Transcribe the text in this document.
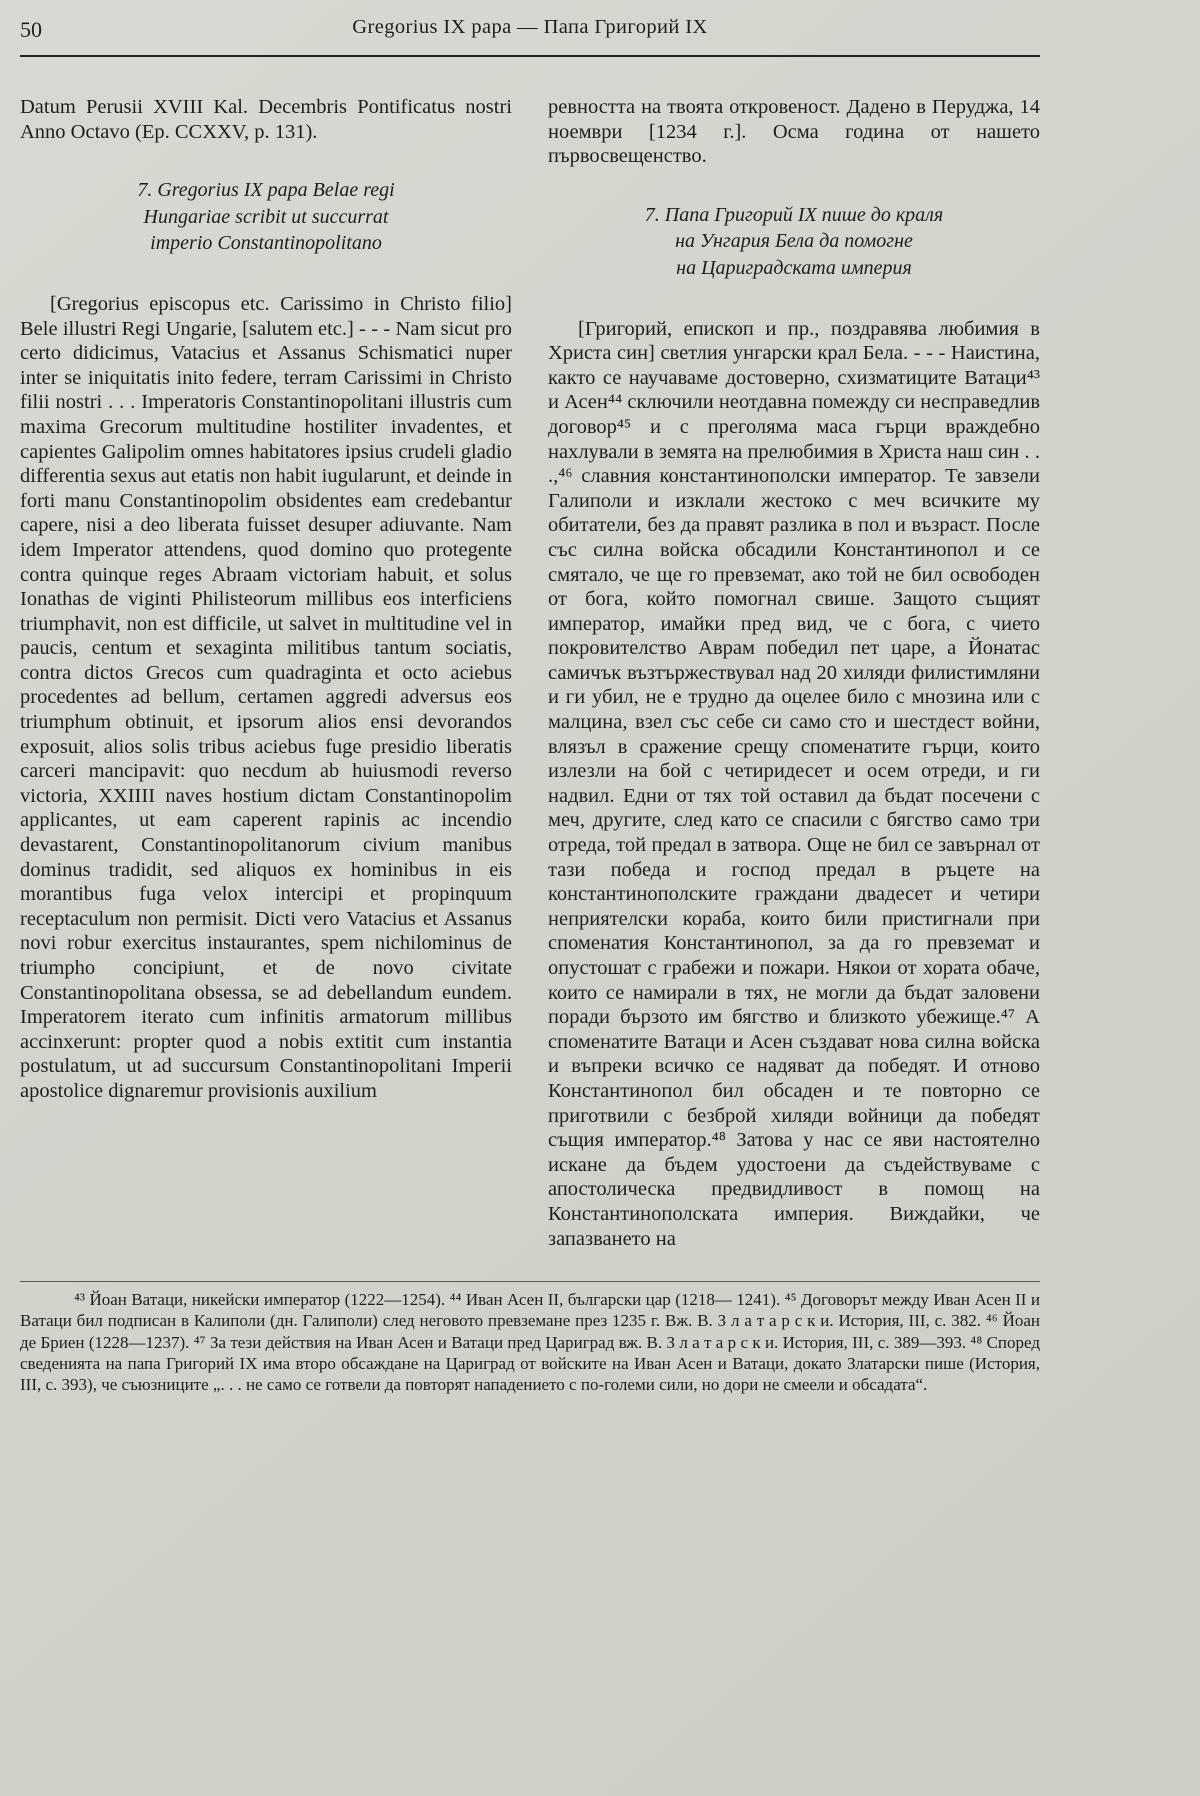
50	Gregorius IX papa — Папа Григорий IX

Datum Perusii XVIII Kal. Decembris Pontificatus nostri Anno Octavo (Ep. CCXXV, p. 131).

7. Gregorius IX papa Belae regi
Hungariae scribit ut succurrat
imperio Constantinopolitano

[Gregorius episcopus etc. Carissimo in Christo filio] Bele illustri Regi Ungarie, [salutem etc.] - - - Nam sicut pro certo didicimus, Vatacius et Assanus Schismatici nuper inter se iniquitatis inito federe, terram Carissimi in Christo filii nostri . . . Imperatoris Constantinopolitani illustris cum maxima Grecorum multitudine hostiliter invadentes, et capientes Galipolim omnes habitatores ipsius crudeli gladio differentia sexus aut etatis non habit iugularunt, et deinde in forti manu Constantinopolim obsidentes eam credebantur capere, nisi a deo liberata fuisset desuper adiuvante. Nam idem Imperator attendens, quod domino quo protegente contra quinque reges Abraam victoriam habuit, et solus Ionathas de viginti Philisteorum millibus eos interficiens triumphavit, non est difficile, ut salvet in multitudine vel in paucis, centum et sexaginta militibus tantum sociatis, contra dictos Grecos cum quadraginta et octo aciebus procedentes ad bellum, certamen aggredi adversus eos triumphum obtinuit, et ipsorum alios ensi devorandos exposuit, alios solis tribus aciebus fuge presidio liberatis carceri mancipavit: quo necdum ab huiusmodi reverso victoria, XXIIII naves hostium dictam Constantinopolim applicantes, ut eam caperent rapinis ac incendio devastarent, Constantinopolitanorum civium manibus dominus tradidit, sed aliquos ex hominibus in eis morantibus fuga velox intercipi et propinquum receptaculum non permisit. Dicti vero Vatacius et Assanus novi robur exercitus instaurantes, spem nichilominus de triumpho concipiunt, et de novo civitate Constantinopolitana obsessa, se ad debellandum eundem. Imperatorem iterato cum infinitis armatorum millibus accinxerunt: propter quod a nobis extitit cum instantia postulatum, ut ad succursum Constantinopolitani Imperii apostolice dignaremur provisionis auxilium

ревността на твоята откровеност. Дадено в Перуджа, 14 ноември [1234 г.]. Осма година от нашето първосвещенство.

7. Папа Григорий IX пише до краля
на Унгария Бела да помогне
на Цариградската империя

[Григорий, епископ и пр., поздравява любимия в Христа син] светлия унгарски крал Бела. - - - Наистина, както се научаваме достоверно, схизматиците Ватаци⁴³ и Асен⁴⁴ сключили неотдавна помежду си несправедлив договор⁴⁵ и с преголяма маса гърци враждебно нахлували в земята на прелюбимия в Христа наш син . . .,⁴⁶ славния константинополски император. Те завзели Галиполи и изклали жестоко с меч всичките му обитатели, без да правят разлика в пол и възраст. После със силна войска обсадили Константинопол и се смятало, че ще го превземат, ако той не бил освободен от бога, който помогнал свише. Защото същият император, имайки пред вид, че с бога, с чието покровителство Аврам победил пет царе, а Йонатас самичък възтържествувал над 20 хиляди филистимляни и ги убил, не е трудно да оцелее било с мнозина или с малцина, взел със себе си само сто и шестдест войни, влязъл в сражение срещу споменатите гърци, които излезли на бой с четиридесет и осем отреди, и ги надвил. Едни от тях той оставил да бъдат посечени с меч, другите, след като се спасили с бягство само три отреда, той предал в затвора. Още не бил се завърнал от тази победа и господ предал в ръцете на константинополските граждани двадесет и четири неприятелски кораба, които били пристигнали при споменатия Константинопол, за да го превземат и опустошат с грабежи и пожари. Някои от хората обаче, които се намирали в тях, не могли да бъдат заловени поради бързото им бягство и близкото убежище.⁴⁷ А споменатите Ватаци и Асен създават нова силна войска и въпреки всичко се надяват да победят. И отново Константинопол бил обсаден и те повторно се приготвили с безброй хиляди войници да победят същия император.⁴⁸ Затова у нас се яви настоятелно искане да бъдем удостоени да съдействуваме с апостолическа предвидливост в помощ на Константинополската империя. Виждайки, че запазването на

⁴³ Йоан Ватаци, никейски император (1222—1254). ⁴⁴ Иван Асен II, български цар (1218— 1241). ⁴⁵ Договорът между Иван Асен II и Ватаци бил подписан в Калиполи (дн. Галиполи) след неговото превземане през 1235 г. Вж. В. З л а т а р с к и. История, III, с. 382. ⁴⁶ Йоан де Бриен (1228—1237). ⁴⁷ За тези действия на Иван Асен и Ватаци пред Цариград вж. В. З л а т а р с к и. История, III, с. 389—393. ⁴⁸ Според сведенията на папа Григорий IX има второ обсаждане на Цариград от войските на Иван Асен и Ватаци, докато Златарски пише (История, III, с. 393), че съюзниците „. . . не само се готвели да повторят нападението с по-големи сили, но дори не смеели и обсадата“.
